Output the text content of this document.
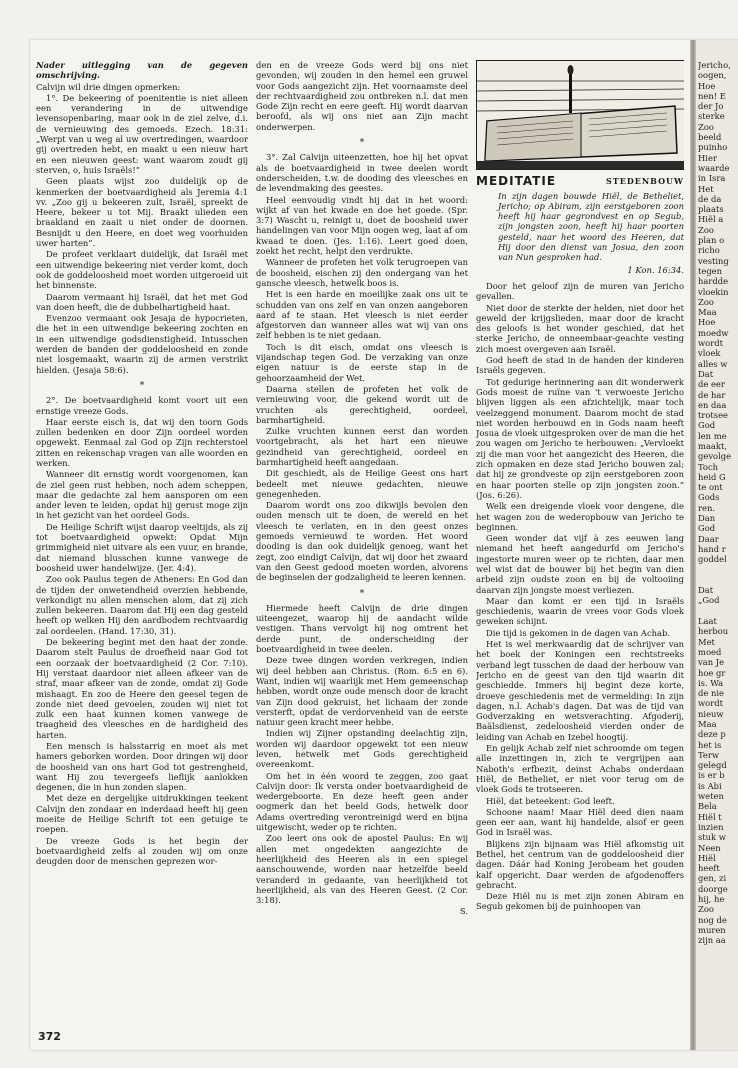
Nader uitlegging van de gegeven omschrijving.

Calvijn wil drie dingen opmerken:

1°. De bekeering of poenitentie is niet alleen een verandering in de uitwendige levensopenbaring, maar ook in de ziel zelve, d.i. de vernieuwing des gemoeds. Ezech. 18:31: „Werpt van u weg al uw overtredingen, waardoor gij overtreden hebt, en maakt u een nieuw hart en een nieuwen geest: want waarom zoudt gij sterven, o, huis Israëls!”

Geen plaats wijst zoo duidelijk op de kenmerken der boetvaardigheid als Jeremia 4:1 vv. „Zoo gij u bekeeren zult, Israël, spreekt de Heere, bekeer u tot Mij. Braakt ulieden een braakland en zaait u niet onder de doornen. Besnijdt u den Heere, en doet weg voorhuiden uwer harten”.

De profeet verklaart duidelijk, dat Israël met een uitwendige bekeering niet verder komt, doch ook de goddeloosheid moet worden uitgeroeid uit het binnenste.

Daarom vermaant hij Israël, dat het met God van doen heeft, die de dubbelhartigheid haat.

Evenzoo vermaant ook Jesaja de hypocrieten, die het in een uitwendige bekeering zochten en in een uitwendige godsdienstigheid. Intusschen werden de banden der goddeloosheid en zonde niet losgemaakt, waarin zij de armen verstrikt hielden. (Jesaja 58:6).

*

2°. De boetvaardigheid komt voort uit een ernstige vreeze Gods.

Haar eerste eisch is, dat wij den toorn Gods zullen bedenken en door Zijn oordeel worden opgewekt. Eenmaal zal God op Zijn rechterstoel zitten en rekenschap vragen van alle woorden en werken.

Wanneer dit ernstig wordt voorgenomen, kan de ziel geen rust hebben, noch adem scheppen, maar die gedachte zal hem aansporen om een ander leven te leiden, opdat hij gerust moge zijn in het gezicht van het oordeel Gods.

De Heilige Schrift wijst daarop veeltijds, als zij tot boetvaardigheid opwekt: Opdat Mijn grimmigheid niet uitvare als een vuur, en brande, dat niemand blusschen kunne vanwege de boosheid uwer handelwijze. (Jer. 4:4).

Zoo ook Paulus tegen de Atheners: En God dan de tijden der onwetendheid overzien hebbende, verkondigt nu allen menschen alom, dat zij zich zullen bekeeren. Daarom dat Hij een dag gesteld heeft op welken Hij den aardbodem rechtvaardig zal oordeelen. (Hand. 17:30, 31).

De bekeering begint met den haat der zonde. Daarom stelt Paulus de droefheid naar God tot een oorzaak der boetvaardigheid (2 Cor. 7:10). Hij verstaat daardoor niet alleen afkeer van de straf, maar afkeer van de zonde, omdat zij Gode mishaagt. En zoo de Heere den geesel tegen de zonde niet deed gevoelen, zouden wij niet tot zulk een haat kunnen komen vanwege de traagheid des vleesches en de hardigheid des harten.

Een mensch is halsstarrig en moet als met hamers geborken worden. Door dringen wij door de boosheid van ons hart God tot gestrengheid, want Hij zou tevergeefs lieflijk aanlokken degenen, die in hun zonden slapen.

Met deze en dergelijke uitdrukkingen teekent Calvijn den zondaar en inderdaad heeft hij geen moeite de Heilige Schrift tot een getuige te roepen.

De vreeze Gods is het begin der boetvaardigheid zelfs al zouden wij om onze deugden door de menschen geprezen wor-

den en de vreeze Gods werd bij ons niet gevonden, wij zouden in den hemel een gruwel voor Gods aangezicht zijn. Het voornaamste deel der rechtvaardigheid zou ontbreken n.l. dat men Gode Zijn recht en eere geeft. Hij wordt daarvan beroofd, als wij ons niet aan Zijn macht onderwerpen.

*

3°. Zal Calvijn uiteenzetten, hoe hij het opvat als de boetvaardigheid in twee deelen wordt onderscheiden, t.w. de dooding des vleesches en de levendmaking des geestes.

Heel eenvoudig vindt hij dat in het woord: wijkt af van het kwade en doe het goede. (Spr. 3:7) Wascht u, reinigt u, doet de boosheid uwer handelingen van voor Mijn oogen weg, laat af om kwaad te doen. (Jes. 1:16). Leert goed doen, zoekt het recht, helpt den verdrukte.

Wanneer de profeten het volk terugroepen van de boosheid, eischen zij den ondergang van het gansche vleesch, hetwelk boos is.

Het is een harde en moeilijke zaak ons uit te schudden van ons zelf en van onzen aangeboren aard af te staan. Het vleesch is niet eerder afgestorven dan wanneer alles wat wij van ons zelf hebben is te niet gedaan.

Toch is dit eisch, omdat ons vleesch is vijandschap tegen God. De verzaking van onze eigen natuur is de eerste stap in de gehoorzaamheid der Wet.

Daarna stellen de profeten het volk de vernieuwing voor, die gekend wordt uit de vruchten als gerechtigheid, oordeel, barmhartigheid.

Zulke vruchten kunnen eerst dan worden voortgebracht, als het hart een nieuwe gezindheid van gerechtigheid, oordeel en barmhartigheid heeft aangedaan.

Dit geschiedt, als de Heilige Geest ons hart bedeelt met nieuwe gedachten, nieuwe genegenheden.

Daarom wordt ons zoo dikwijls bevolen den ouden mensch uit te doen, de wereld en het vleesch te verlaten, en in den geest onzes gemoeds vernieuwd te worden. Het woord dooding is dan ook duidelijk genoeg, want het zegt, zoo eindigt Calvijn, dat wij door het zwaard van den Geest gedood moeten worden, alvorens de beginselen der godzaligheid te leeren kennen.

*

Hiermede heeft Calvijn de drie dingen uiteengezet, waarop hij de aandacht wilde vestigen. Thans vervolgt hij nog omtrent het derde punt, de onderscheiding der boetvaardigheid in twee deelen.

Deze twee dingen worden verkregen, indien wij deel hebben aan Christus. (Rom. 6:5 en 6). Want, indien wij waarlijk met Hem gemeenschap hebben, wordt onze oude mensch door de kracht van Zijn dood gekruist, het lichaam der zonde versterft, opdat de verdorvenheid van de eerste natuur geen kracht meer hebbe.

Indien wij Zijner opstanding deelachtig zijn, worden wij daardoor opgewekt tot een nieuw leven, hetwelk met Gods gerechtigheid overeenkomt.

Om het in één woord te zeggen, zoo gaat Calvijn door: Ik versta onder boetvaardigheid de wedergeboorte. En deze heeft geen ander oogmerk dan het beeld Gods, hetwelk door Adams overtreding verontreinigd werd en bijna uitgewischt, weder op te richten.

Zoo leert ons ook de apostel Paulus: En wij allen met ongedekten aangezichte de heerlijkheid des Heeren als in een spiegel aanschouwende, worden naar hetzelfde beeld veranderd in gedaante, van heerlijkheid tot heerlijkheid, als van des Heeren Geest. (2 Cor. 3:18).

S.
MEDITATIE	STEDENBOUW

In zijn dagen bouwde Hiël, de Betheliet, Jericho; op Abiram, zijn eerstgeboren zoon heeft hij haar gegrondvest en op Segub, zijn jongsten zoon, heeft hij haar poorten gesteld, naar het woord des Heeren, dat Hij door den dienst van Josua, den zoon van Nun gesproken had.

1 Kon. 16:34.

Door het geloof zijn de muren van Jericho gevallen.

Niet door de sterkte der helden, niet door het geweld der krijgslieden, maar door de kracht des geloofs is het wonder geschied, dat het sterke Jericho, de onneembaar-geachte vesting zich moest overgeven aan Israël.

God heeft de stad in de handen der kinderen Israëls gegeven.

Tot gedurige herinnering aan dit wonderwerk Gods moest de ruïne van 't verwoeste Jericho blijven liggen als een afzichtelijk, maar toch veelzeggend monument. Daarom mocht de stad niet worden herbouwd en in Gods naam heeft Josua de vloek uitgesproken over de man die het zou wagen om Jericho te herbouwen: „Vervloekt zij die man voor het aangezicht des Heeren, die zich opmaken en deze stad Jericho bouwen zal; dat hij ze grondveste op zijn eerstgeboren zoon en haar poorten stelle op zijn jongsten zoon.” (Jos. 6:26).

Welk een dreigende vloek voor dengene, die het wagen zou de wederopbouw van Jericho te beginnen.

Geen wonder dat vijf à zes eeuwen lang niemand het heeft aangedurfd om Jericho's ingestorte muren weer op te richten, daar men wel wist dat de bouwer bij het begin van dien arbeid zijn oudste zoon en bij de voltooiing daarvan zijn jongste moest verliezen.

Maar dan komt er een tijd in Israëls geschiedenis, waarin de vrees voor Gods vloek geweken schijnt.

Die tijd is gekomen in de dagen van Achab.

Het is wel merkwaardig dat de schrijver van het boek der Koningen een rechtstreeks verband legt tusschen de daad der herbouw van Jericho en de geest van den tijd waarin dit geschiedde. Immers hij begint deze korte, droeve geschiedenis met de vermelding: In zijn dagen, n.l. Achab's dagen. Dat was de tijd van Godverzaking en wetsverachting. Afgoderij, Baälsdienst, zedeloosheid vierden onder de leiding van Achab en Izebel hoogtij.

En gelijk Achab zelf niet schroomde om tegen alle inzettingen in, zich te vergrijpen aan Naboth's erfbezit, deinst Achabs onderdaan Hiël, de Betheliet, er niet voor terug om de vloek Gods te trotseeren.

Hiël, dat beteekent: God leeft.

Schoone naam! Maar Hiël deed dien naam geen eer aan, want hij handelde, alsof er geen God in Israël was.

Blijkens zijn bijnaam was Hiël afkomstig uit Bethel, het centrum van de goddeloosheid dier dagen. Dáár had Koning Jerobeam het gouden kalf opgericht. Daar werden de afgodenoffers gebracht.

Deze Hiël nu is met zijn zonen Abiram en Segub gekomen bij de puinhoopen van

372
Jericho,
oogen,
Hoe
nen! E
der Jo
sterke
Zoo
beeld
puinho
Hier
waarde
in Isra
Het
de da
plaats
Hiël a
Zoo
plan o
richo
vesting
tegen
hardde
vloekin
Zoo
Maa
Hoe
moedw
wordt
vloek
alles w
Dat
de eer
de har
en daa
trotsee
God
len me
maakt,
gevolge
Toch
heid G
te ont
Gods
ren.
Dan
God
Daar
hand r
goddel
Dat
„God
Laat
herbou
Met
moed
van Je
hoe gr
is. Wa
de nie
wordt
nieuw
Maa
deze p
het is
Terw
gelegd
is er b
is Abi
weten
Bela
Hiël t
inzien
stuk w
Neen
Hiël
heeft
gen, zi
doorge
hij, he
Zoo
nog de
muren
zijn aa
